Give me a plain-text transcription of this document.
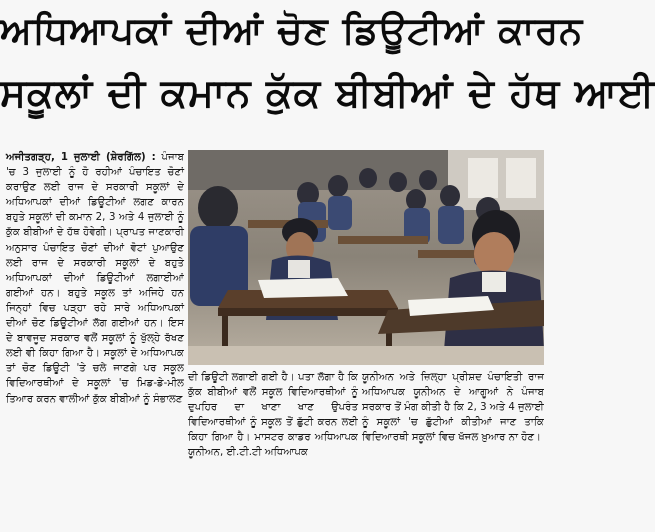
ਅਧਿਆਪਕਾਂ ਦੀਆਂ ਚੋਣ ਡਿਊਟੀਆਂ ਕਾਰਨ
ਸਕੂਲਾਂ ਦੀ ਕਮਾਨ ਕੁੱਕ ਬੀਬੀਆਂ ਦੇ ਹੱਥ ਆਈ

ਅਜੀਤਗੜ੍ਹ, 1 ਜੁਲਾਈ (ਸ਼ੇਰਗਿੱਲ) : ਪੰਜਾਬ 'ਚ 3 ਜੁਲਾਈ ਨੂੰ ਹੋ ਰਹੀਆਂ ਪੰਚਾਇਤ ਚੋਣਾਂ ਕਰਾਉਣ ਲਈ ਰਾਜ ਦੇ ਸਰਕਾਰੀ ਸਕੂਲਾਂ ਦੇ ਅਧਿਆਪਕਾਂ ਦੀਆਂ ਡਿਊਟੀਆਂ ਲਗਣ ਕਾਰਨ ਬਹੁਤੇ ਸਕੂਲਾਂ ਦੀ ਕਮਾਨ 2, 3 ਅਤੇ 4 ਜੁਲਾਈ ਨੂੰ ਕੁੱਕ ਬੀਬੀਆਂ ਦੇ ਹੱਥ ਹੋਵੇਗੀ। ਪ੍ਰਾਪਤ ਜਾਣਕਾਰੀ ਅਨੁਸਾਰ ਪੰਚਾਇਤ ਚੋਣਾਂ ਦੀਆਂ ਵੋਟਾਂ ਪੁਆਉਣ ਲਈ ਰਾਜ ਦੇ ਸਰਕਾਰੀ ਸਕੂਲਾਂ ਦੇ ਬਹੁਤੇ ਅਧਿਆਪਕਾਂ ਦੀਆਂ ਡਿਊਟੀਆਂ ਲਗਾਈਆਂ ਗਈਆਂ ਹਨ। ਬਹੁਤੇ ਸਕੂਲ ਤਾਂ ਅਜਿਹੇ ਹਨ ਜਿਨ੍ਹਾਂ ਵਿਚ ਪੜ੍ਹਾ ਰਹੇ ਸਾਰੇ ਅਧਿਆਪਕਾਂ ਦੀਆਂ ਚੋਣ ਡਿਊਟੀਆਂ ਲੱਗ ਗਈਆਂ ਹਨ। ਇਸ ਦੇ ਬਾਵਜੂਦ ਸਰਕਾਰ ਵਲੋਂ ਸਕੂਲਾਂ ਨੂੰ ਖੁੱਲ੍ਹੇ ਰੱਖਣ ਲਈ ਵੀ ਕਿਹਾ ਗਿਆ ਹੈ। ਸਕੂਲਾਂ ਦੇ ਅਧਿਆਪਕ ਤਾਂ ਚੋਣ ਡਿਊਟੀ 'ਤੇ ਚਲੇ ਜਾਣਗੇ ਪਰ ਸਕੂਲ ਵਿਦਿਆਰਥੀਆਂ ਦੇ ਸਕੂਲਾਂ 'ਚ ਮਿਡ-ਡੇ-ਮੀਲ ਤਿਆਰ ਕਰਨ ਵਾਲੀਆਂ ਕੁੱਕ ਬੀਬੀਆਂ ਨੂੰ ਸੰਭਾਲਣ

ਦੀ ਡਿਊਟੀ ਲਗਾਈ ਗਈ ਹੈ। ਪਤਾ ਲੱਗਾ ਹੈ ਕਿ ਕੁੱਕ ਬੀਬੀਆਂ ਵਲੋਂ ਸਕੂਲ ਵਿਦਿਆਰਥੀਆਂ ਨੂੰ ਦੁਪਹਿਰ ਦਾ ਖਾਣਾ ਖਾਣ ਉਪਰੰਤ ਵਿਦਿਆਰਥੀਆਂ ਨੂੰ ਸਕੂਲ ਤੋਂ ਛੁੱਟੀ ਕਰਨ ਲਈ ਕਿਹਾ ਗਿਆ ਹੈ। ਮਾਸਟਰ ਕਾਡਰ ਅਧਿਆਪਕ ਯੂਨੀਅਨ, ਈ.ਟੀ.ਟੀ ਅਧਿਆਪਕ

ਯੂਨੀਅਨ ਅਤੇ ਜ਼ਿਲ੍ਹਾ ਪ੍ਰੀਸ਼ਦ ਪੰਚਾਇਤੀ ਰਾਜ ਅਧਿਆਪਕ ਯੂਨੀਅਨ ਦੇ ਆਗੂਆਂ ਨੇ ਪੰਜਾਬ ਸਰਕਾਰ ਤੋਂ ਮੰਗ ਕੀਤੀ ਹੈ ਕਿ 2, 3 ਅਤੇ 4 ਜੁਲਾਈ ਨੂੰ ਸਕੂਲਾਂ 'ਚ ਛੁੱਟੀਆਂ ਕੀਤੀਆਂ ਜਾਣ ਤਾਕਿ ਵਿਦਿਆਰਥੀ ਸਕੂਲਾਂ ਵਿਚ ਖੱਜਲ ਖ਼ੁਆਰ ਨਾ ਹੋਣ।
